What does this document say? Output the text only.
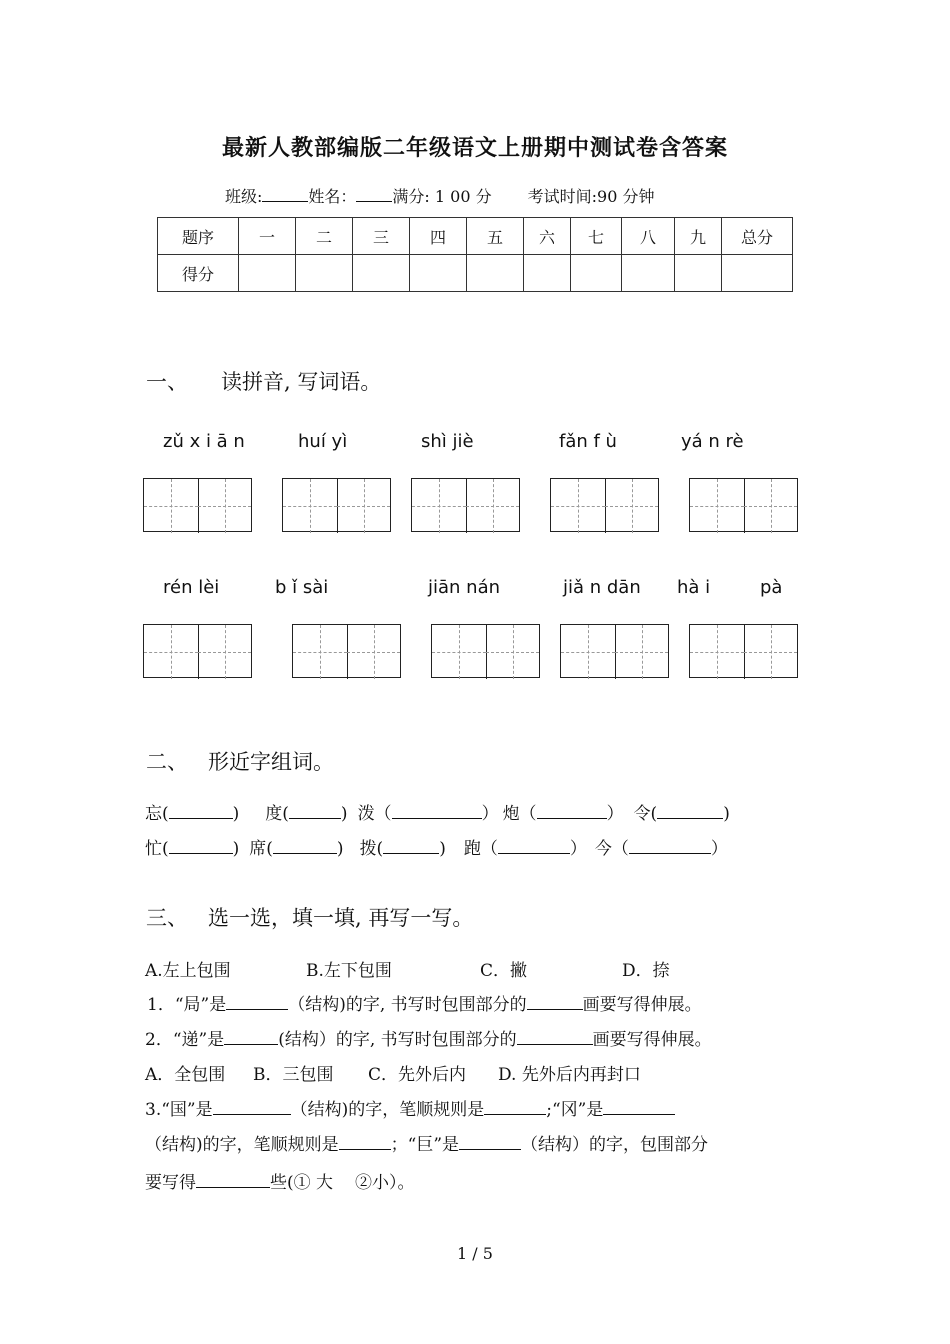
最新人教部编版二年级语文上册期中测试卷含答案
班级:	姓名： 满分: 1 00 分 考试时间:90 分钟
题序	一	二	三	四	五	六	七	八	九	总分
得分										
一、 读拼音, 写词语。
zǔ x i ā n	huí yì	shì jiè	fǎn f ù	yá n rè
rén lèi	b ǐ sài	jiān nán	jiǎ n dān hà i	pà
二、 形近字组词。
忘(	) 度(	) 泼（	） 炮（	） 令(	)
忙(	) 席(	) 拨(	) 跑（	） 今（	）
三、 选一选，填一填, 再写一写。
A.左上包围	B.左下包围	C．撇	D．捺
1．“局”是	（结构)的字, 书写时包围部分的	画要写得伸展。
2．“递”是	(结构）的字, 书写时包围部分的	画要写得伸展。
A．全包围 B．三包围 C．先外后内 D. 先外后内再封口
3.“国”是	（结构)的字，笔顺规则是	;“冈”是
（结构)的字，笔顺规则是	；“巨”是	（结构）的字，包围部分
要写得	些(① 大 ②小）。
1 / 5
